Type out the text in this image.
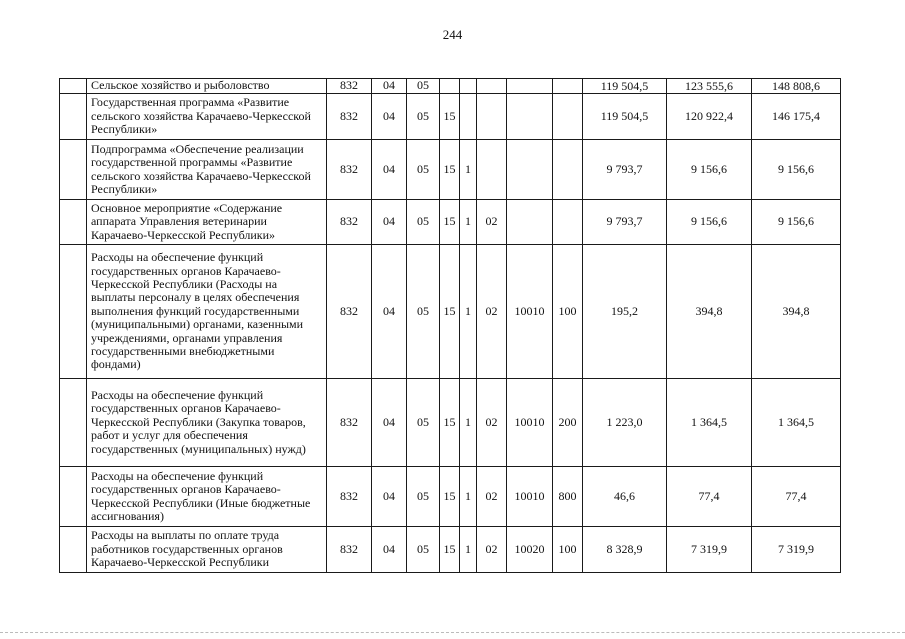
244
	Сельское хозяйство и рыболовство	832	04	05						119 504,5	123 555,6	148 808,6
	Государственная программа «Развитие сельского хозяйства Карачаево-Черкесской Республики»	832	04	05	15					119 504,5	120 922,4	146 175,4
	Подпрограмма «Обеспечение реализации государственной программы «Развитие сельского хозяйства Карачаево-Черкесской Республики»	832	04	05	15	1				9 793,7	9 156,6	9 156,6
	Основное мероприятие «Содержание аппарата Управления ветеринарии Карачаево-Черкесской Республики»	832	04	05	15	1	02			9 793,7	9 156,6	9 156,6
	Расходы на обеспечение функций государственных органов Карачаево-Черкесской Республики (Расходы на выплаты персоналу в целях обеспечения выполнения функций государственными (муниципальными) органами, казенными учреждениями, органами управления государственными внебюджетными фондами)	832	04	05	15	1	02	10010	100	195,2	394,8	394,8
	Расходы на обеспечение функций государственных органов Карачаево-Черкесской Республики (Закупка товаров, работ и услуг для обеспечения государственных (муниципальных) нужд)	832	04	05	15	1	02	10010	200	1 223,0	1 364,5	1 364,5
	Расходы на обеспечение функций государственных органов Карачаево-Черкесской Республики (Иные бюджетные ассигнования)	832	04	05	15	1	02	10010	800	46,6	77,4	77,4
	Расходы на выплаты по оплате труда работников государственных органов Карачаево-Черкесской Республики	832	04	05	15	1	02	10020	100	8 328,9	7 319,9	7 319,9
